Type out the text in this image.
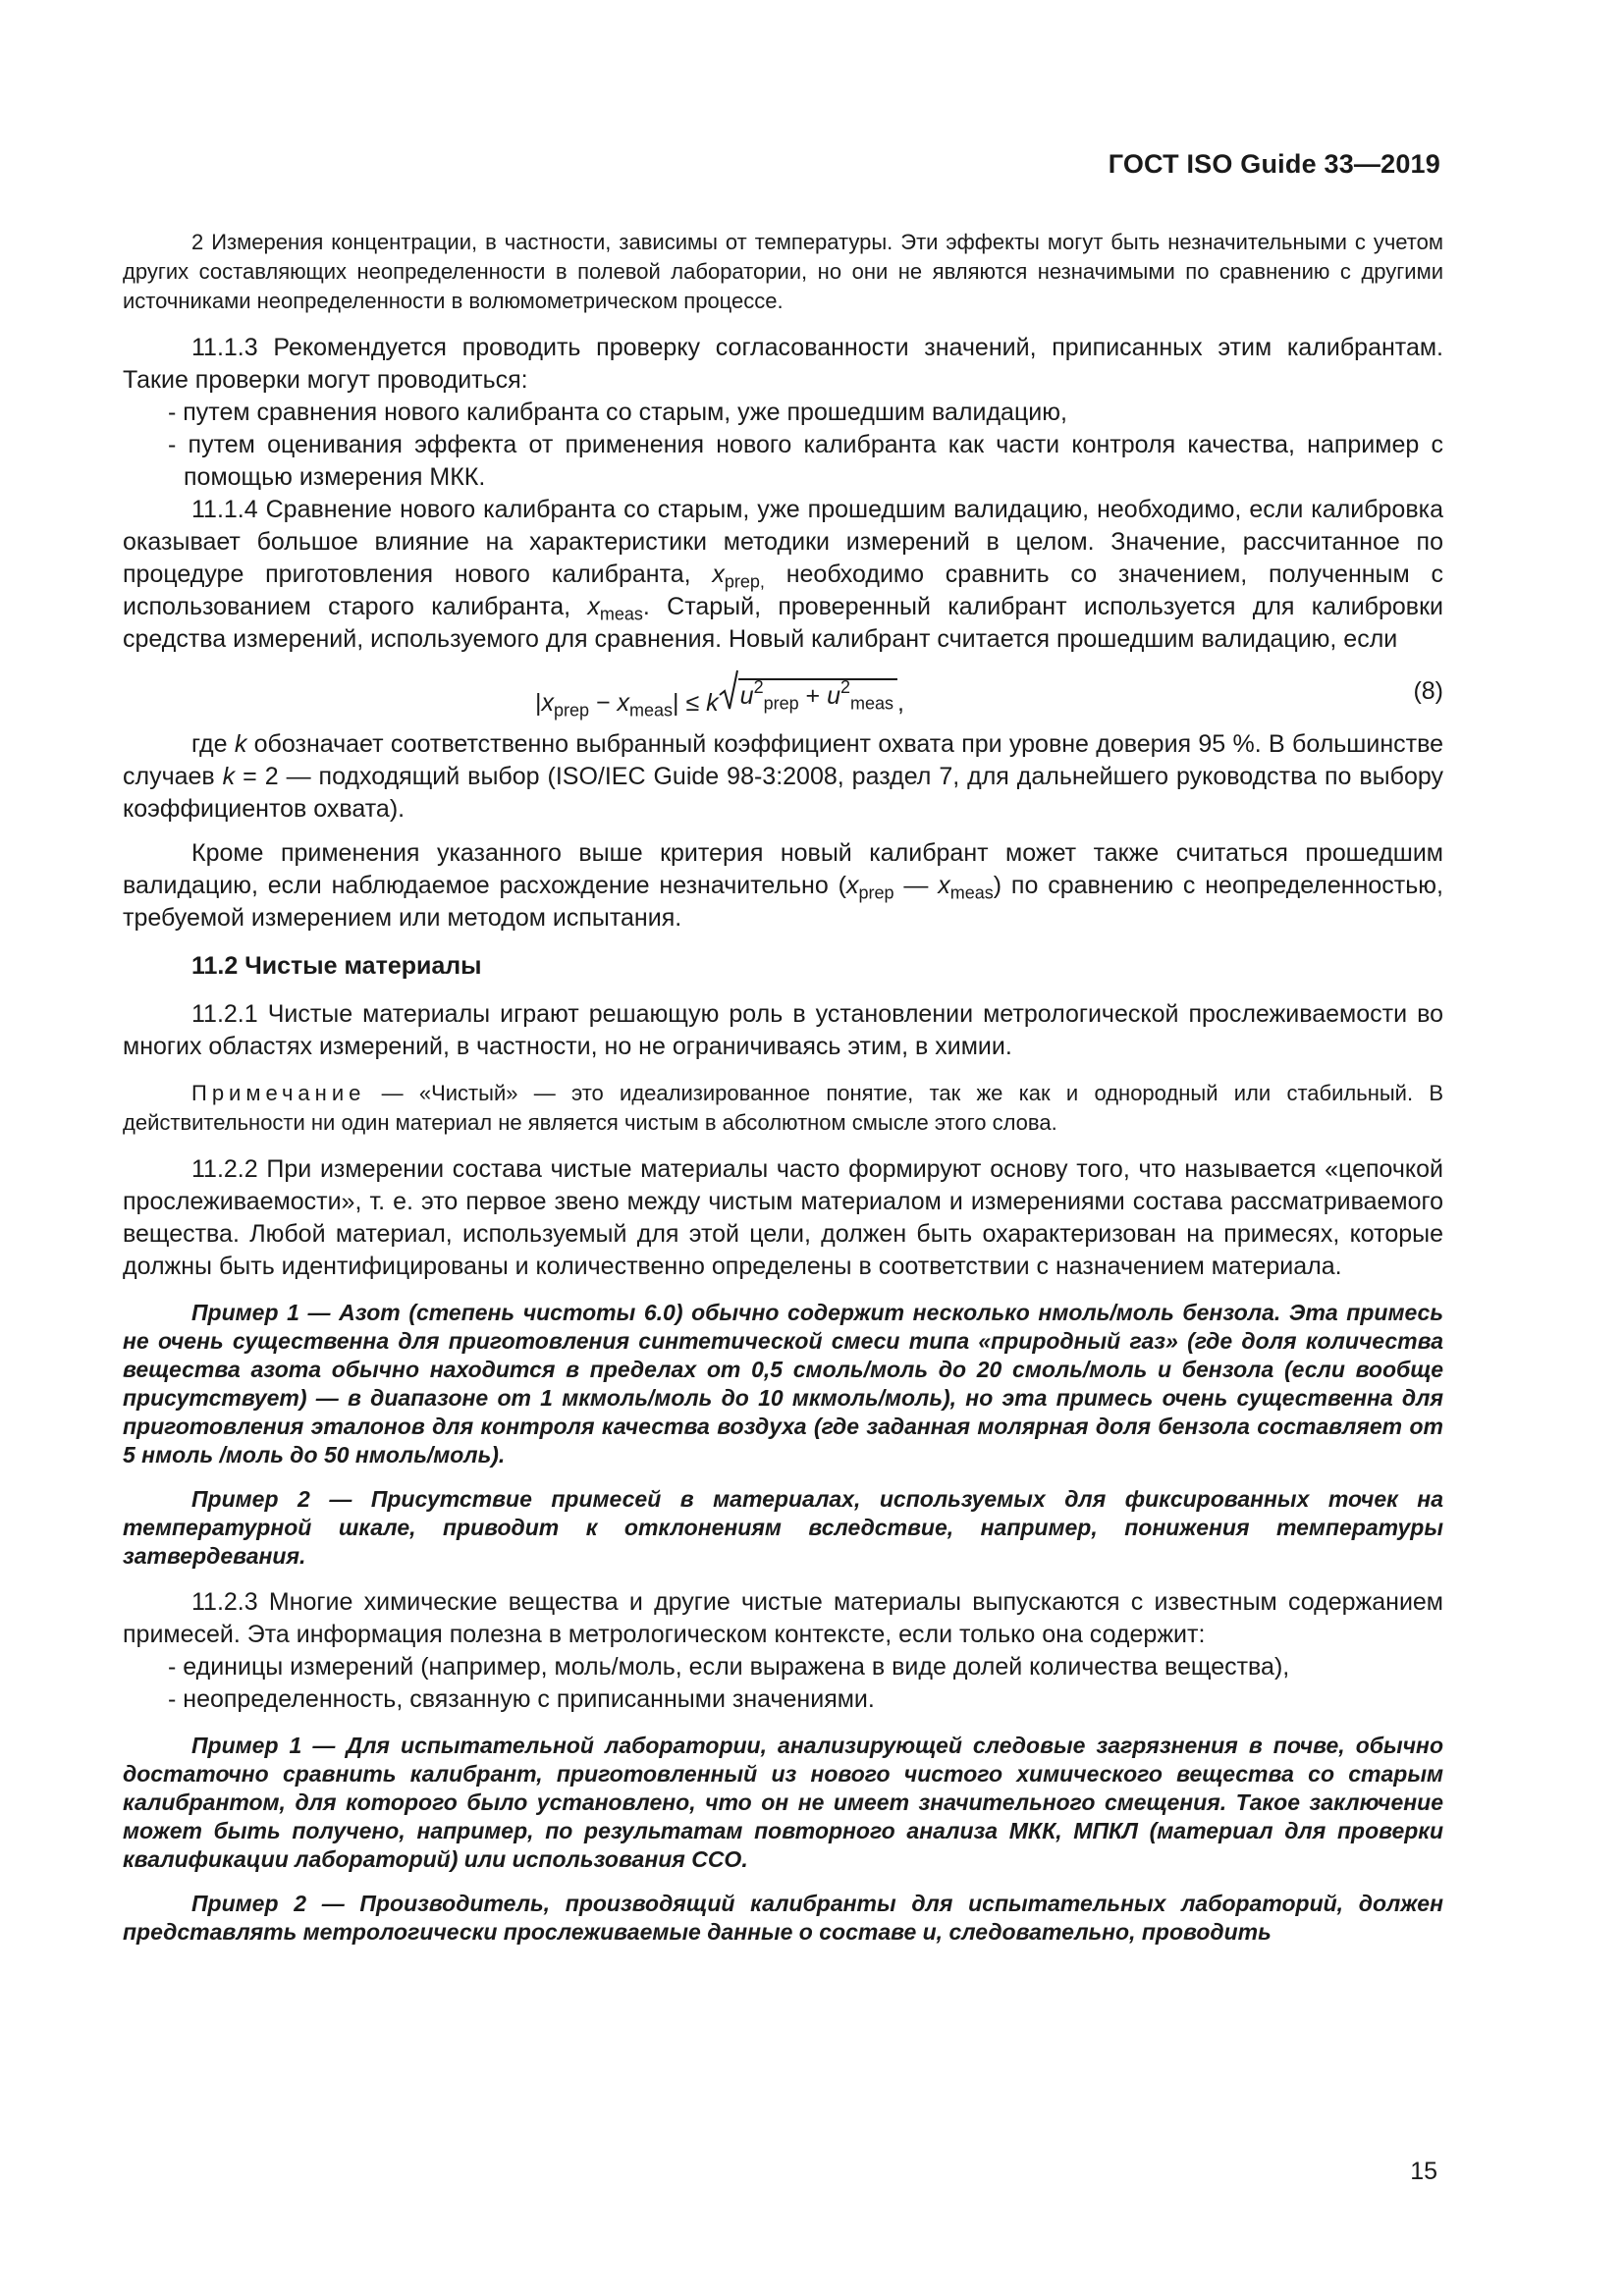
ГОСТ ISO Guide 33—2019

2 Измерения концентрации, в частности, зависимы от температуры. Эти эффекты могут быть незначительными с учетом других составляющих неопределенности в полевой лаборатории, но они не являются незначимыми по сравнению с другими источниками неопределенности в волюмометрическом процессе.

11.1.3 Рекомендуется проводить проверку согласованности значений, приписанных этим калибрантам. Такие проверки могут проводиться:

- путем сравнения нового калибранта со старым, уже прошедшим валидацию,

- путем оценивания эффекта от применения нового калибранта как части контроля качества, например с помощью измерения МКК.

11.1.4 Сравнение нового калибранта со старым, уже прошедшим валидацию, необходимо, если калибровка оказывает большое влияние на характеристики методики измерений в целом. Значение, рассчитанное по процедуре приготовления нового калибранта, $x_{prep,}$ необходимо сравнить со значением, полученным с использованием старого калибранта, $x_{meas}$. Старый, проверенный калибрант используется для калибровки средства измерений, используемого для сравнения. Новый калибрант считается прошедшим валидацию, если

$|x_{prep} - x_{meas}| \le k$ $u^2_{prep} + u^2_{meas}$ ,	(8)

где k обозначает соответственно выбранный коэффициент охвата при уровне доверия 95 %. В большинстве случаев k = 2 — подходящий выбор (ISO/IEC Guide 98-3:2008, раздел 7, для дальнейшего руководства по выбору коэффициентов охвата).

Кроме применения указанного выше критерия новый калибрант может также считаться прошедшим валидацию, если наблюдаемое расхождение незначительно ($x_{prep}$ — $x_{meas}$) по сравнению с неопределенностью, требуемой измерением или методом испытания.

11.2 Чистые материалы

11.2.1 Чистые материалы играют решающую роль в установлении метрологической прослеживаемости во многих областях измерений, в частности, но не ограничиваясь этим, в химии.

Примечание — «Чистый» — это идеализированное понятие, так же как и однородный или стабильный. В действительности ни один материал не является чистым в абсолютном смысле этого слова.

11.2.2 При измерении состава чистые материалы часто формируют основу того, что называется «цепочкой прослеживаемости», т. е. это первое звено между чистым материалом и измерениями состава рассматриваемого вещества. Любой материал, используемый для этой цели, должен быть охарактеризован на примесях, которые должны быть идентифицированы и количественно определены в соответствии с назначением материала.

Пример 1 — Азот (степень чистоты 6.0) обычно содержит несколько нмоль/моль бензола. Эта примесь не очень существенна для приготовления синтетической смеси типа «природный газ» (где доля количества вещества азота обычно находится в пределах от 0,5 смоль/моль до 20 смоль/моль и бензола (если вообще присутствует) — в диапазоне от 1 мкмоль/моль до 10 мкмоль/моль), но эта примесь очень существенна для приготовления эталонов для контроля качества воздуха (где заданная молярная доля бензола составляет от 5 нмоль /моль до 50 нмоль/моль).

Пример 2 — Присутствие примесей в материалах, используемых для фиксированных точек на температурной шкале, приводит к отклонениям вследствие, например, понижения температуры затвердевания.

11.2.3 Многие химические вещества и другие чистые материалы выпускаются с известным содержанием примесей. Эта информация полезна в метрологическом контексте, если только она содержит:

- единицы измерений (например, моль/моль, если выражена в виде долей количества вещества),

- неопределенность, связанную с приписанными значениями.

Пример 1 — Для испытательной лаборатории, анализирующей следовые загрязнения в почве, обычно достаточно сравнить калибрант, приготовленный из нового чистого химического вещества со старым калибрантом, для которого было установлено, что он не имеет значительного смещения. Такое заключение может быть получено, например, по результатам повторного анализа МКК, МПКЛ (материал для проверки квалификации лабораторий) или использования ССО.

Пример 2 — Производитель, производящий калибранты для испытательных лабораторий, должен представлять метрологически прослеживаемые данные о составе и, следовательно, проводить

15
